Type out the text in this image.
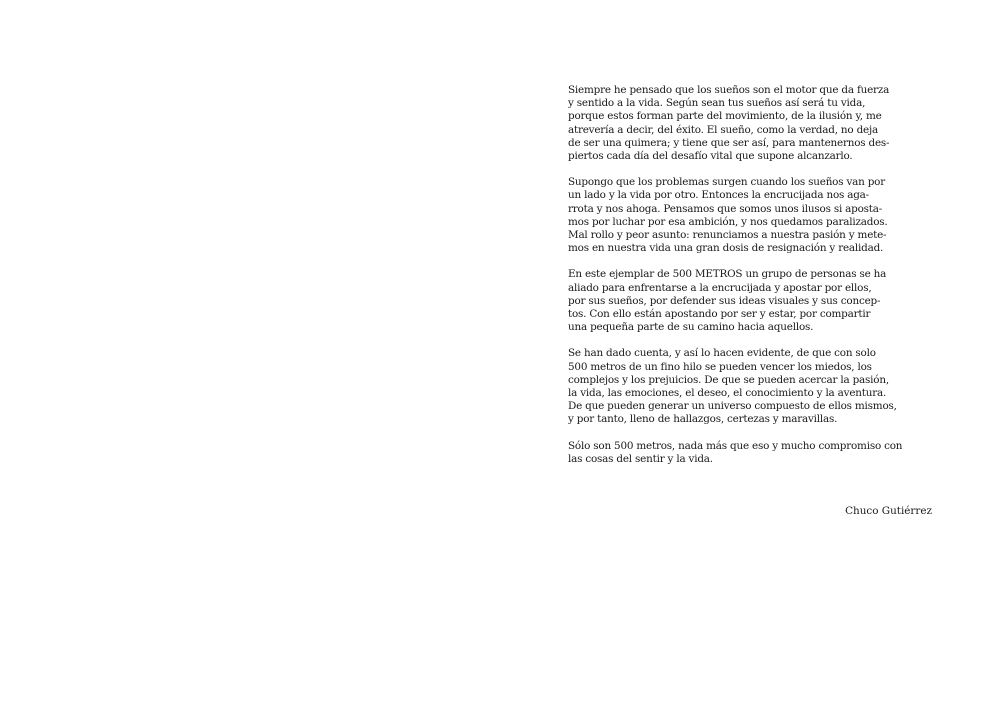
Siempre he pensado que los sueños son el motor que da fuerza
y sentido a la vida. Según sean tus sueños así será tu vida,
porque estos forman parte del movimiento, de la ilusión y, me
atrevería a decir, del éxito. El sueño, como la verdad, no deja
de ser una quimera; y tiene que ser así, para mantenernos des-
piertos cada día del desafío vital que supone alcanzarlo.

Supongo que los problemas surgen cuando los sueños van por
un lado y la vida por otro. Entonces la encrucijada nos aga-
rrota y nos ahoga. Pensamos que somos unos ilusos si aposta-
mos por luchar por esa ambición, y nos quedamos paralizados.
Mal rollo y peor asunto: renunciamos a nuestra pasión y mete-
mos en nuestra vida una gran dosis de resignación y realidad.

En este ejemplar de 500 METROS un grupo de personas se ha
aliado para enfrentarse a la encrucijada y apostar por ellos,
por sus sueños, por defender sus ideas visuales y sus concep-
tos. Con ello están apostando por ser y estar, por compartir
una pequeña parte de su camino hacia aquellos.

Se han dado cuenta, y así lo hacen evidente, de que con solo
500 metros de un fino hilo se pueden vencer los miedos, los
complejos y los prejuicios. De que se pueden acercar la pasión,
la vida, las emociones, el deseo, el conocimiento y la aventura.
De que pueden generar un universo compuesto de ellos mismos,
y por tanto, lleno de hallazgos, certezas y maravillas.

Sólo son 500 metros, nada más que eso y mucho compromiso con
las cosas del sentir y la vida.

Chuco Gutiérrez
